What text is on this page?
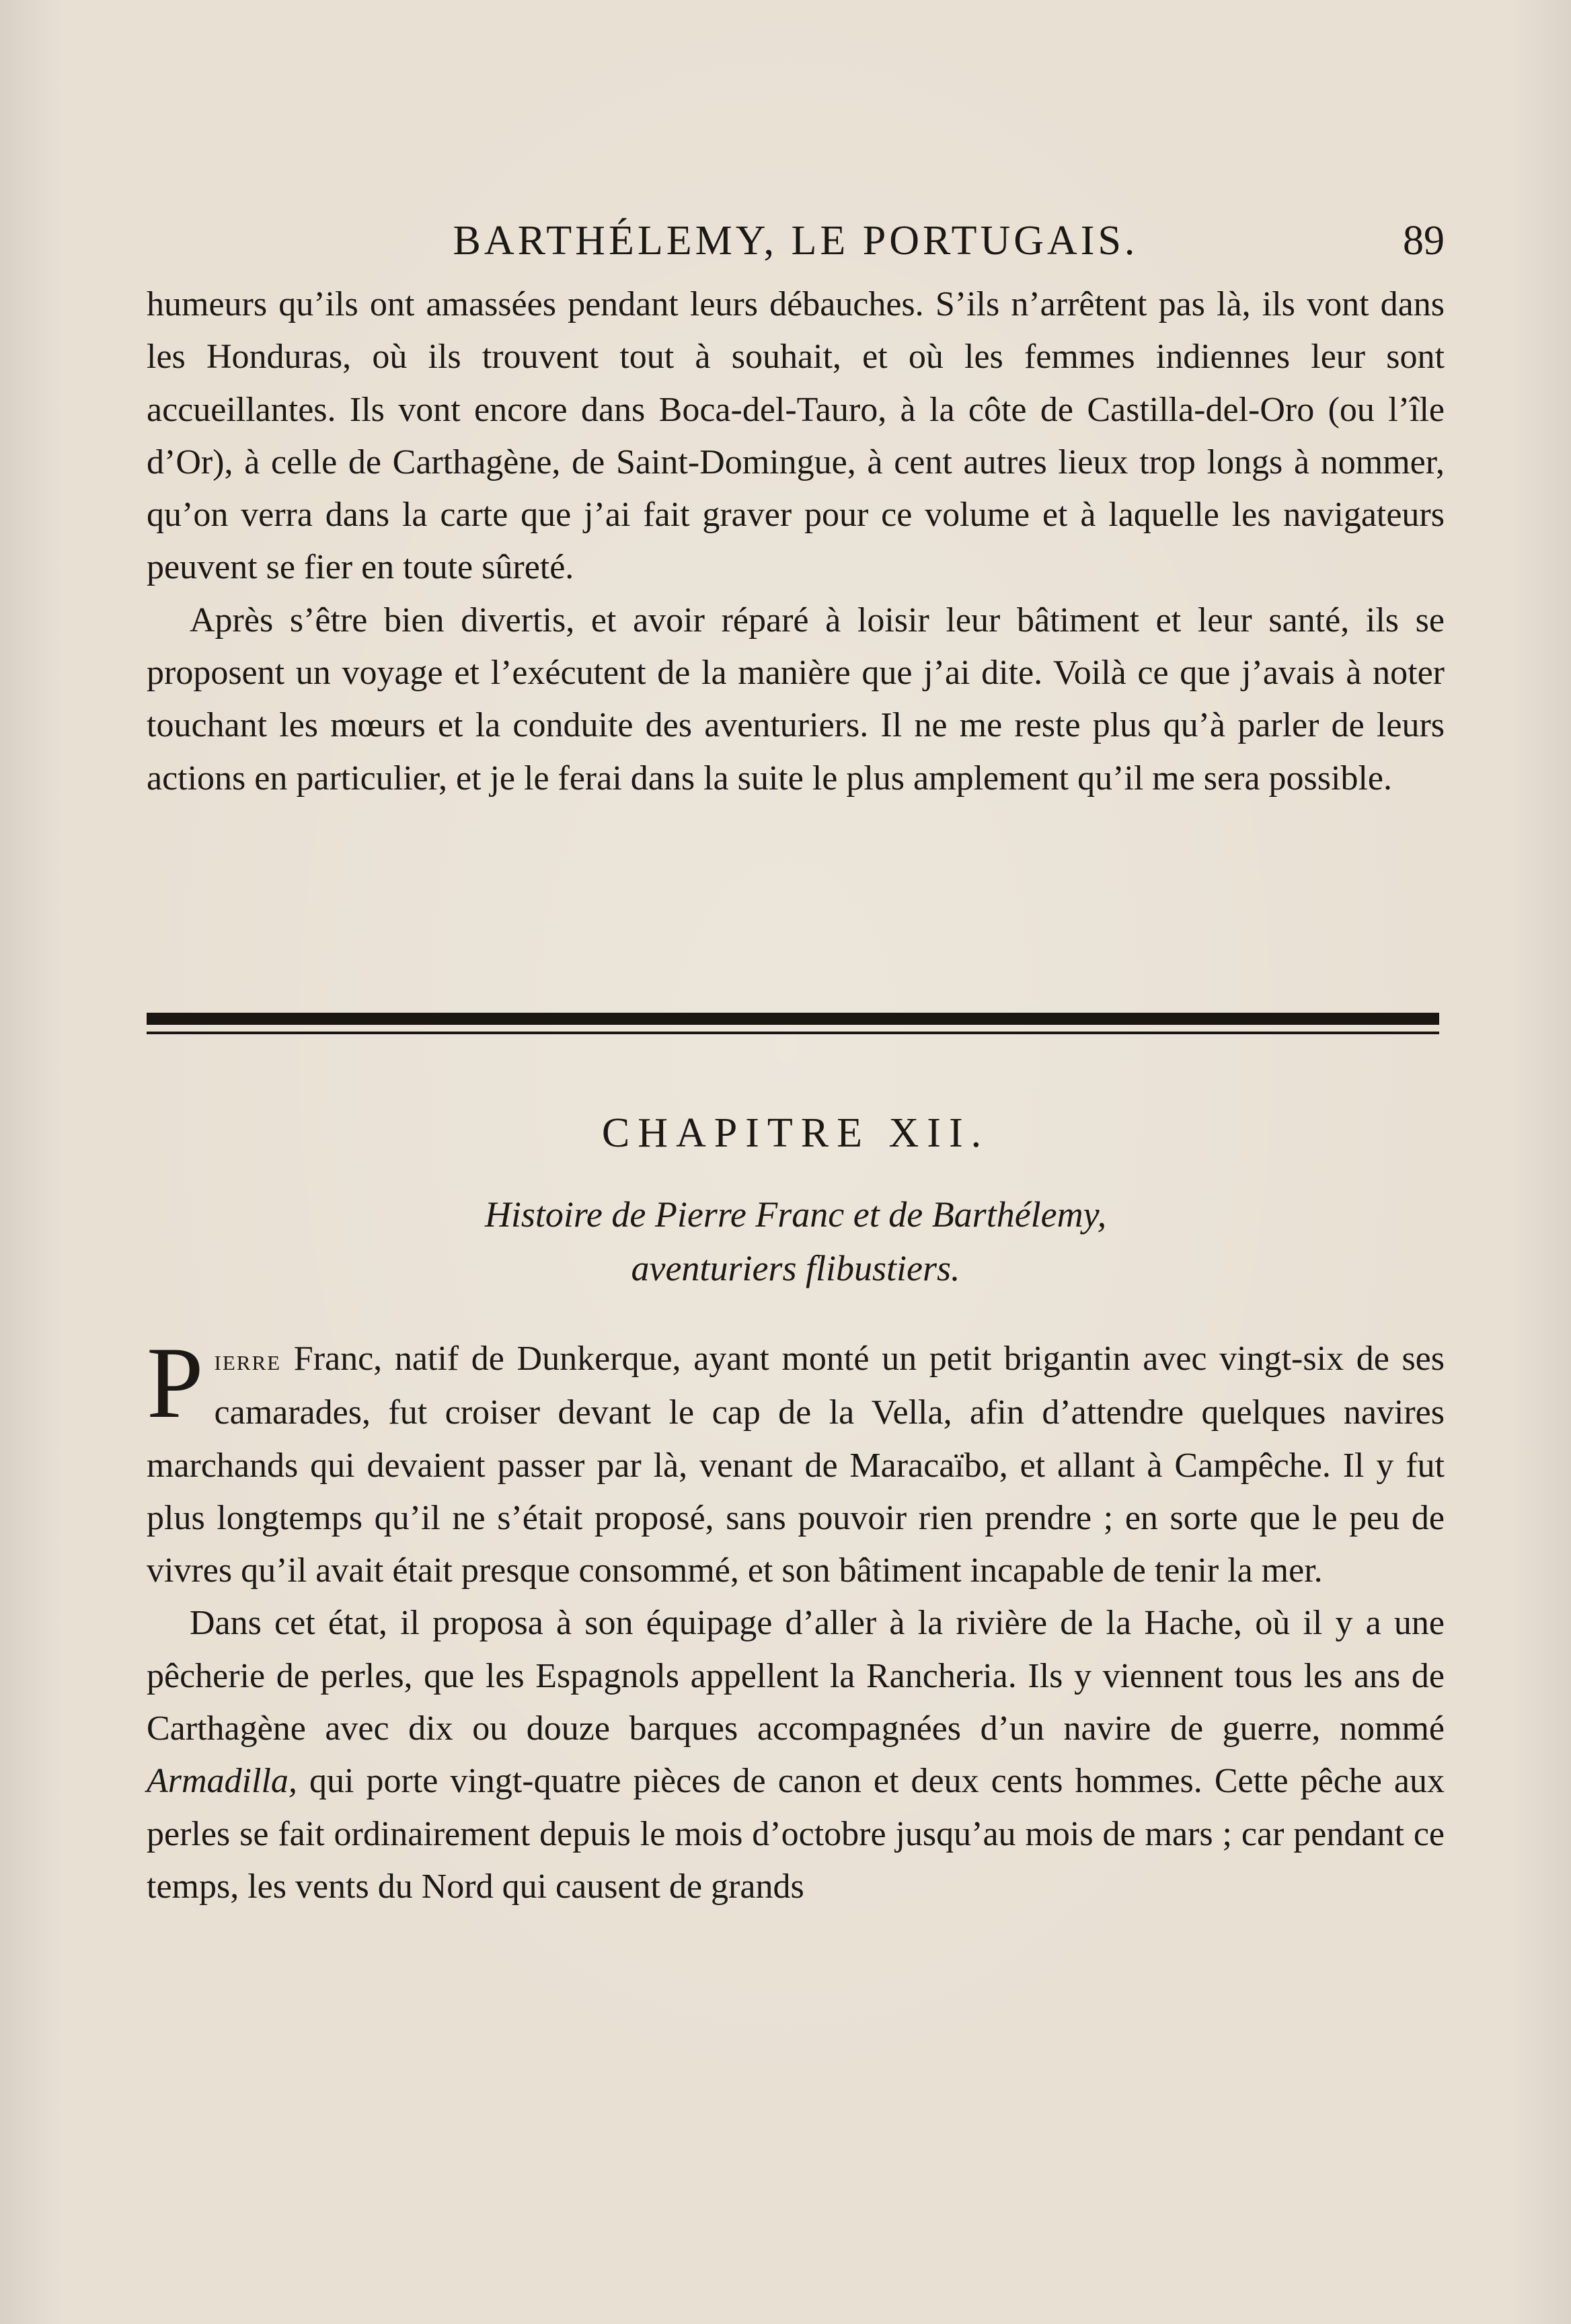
BARTHÉLEMY, LE PORTUGAIS.	89

humeurs qu’ils ont amassées pendant leurs débauches. S’ils n’arrêtent pas là, ils vont dans les Honduras, où ils trouvent tout à souhait, et où les femmes indiennes leur sont accueillantes. Ils vont encore dans Boca-del-Tauro, à la côte de Castilla-del-Oro (ou l’île d’Or), à celle de Carthagène, de Saint-Domingue, à cent autres lieux trop longs à nommer, qu’on verra dans la carte que j’ai fait graver pour ce volume et à laquelle les navigateurs peuvent se fier en toute sûreté.

Après s’être bien divertis, et avoir réparé à loisir leur bâtiment et leur santé, ils se proposent un voyage et l’exécutent de la manière que j’ai dite. Voilà ce que j’avais à noter touchant les mœurs et la conduite des aventuriers. Il ne me reste plus qu’à parler de leurs actions en particulier, et je le ferai dans la suite le plus amplement qu’il me sera possible.

CHAPITRE XII.
Histoire de Pierre Franc et de Barthélemy,
aventuriers flibustiers.

Pierre Franc, natif de Dunkerque, ayant monté un petit brigantin avec vingt-six de ses camarades, fut croiser devant le cap de la Vella, afin d’attendre quelques navires marchands qui devaient passer par là, venant de Maracaïbo, et allant à Campêche. Il y fut plus longtemps qu’il ne s’était proposé, sans pouvoir rien prendre ; en sorte que le peu de vivres qu’il avait était presque consommé, et son bâtiment incapable de tenir la mer.

Dans cet état, il proposa à son équipage d’aller à la rivière de la Hache, où il y a une pêcherie de perles, que les Espagnols appellent la Rancheria. Ils y viennent tous les ans de Carthagène avec dix ou douze barques accompagnées d’un navire de guerre, nommé Armadilla, qui porte vingt-quatre pièces de canon et deux cents hommes. Cette pêche aux perles se fait ordinairement depuis le mois d’octobre jusqu’au mois de mars ; car pendant ce temps, les vents du Nord qui causent de grands
